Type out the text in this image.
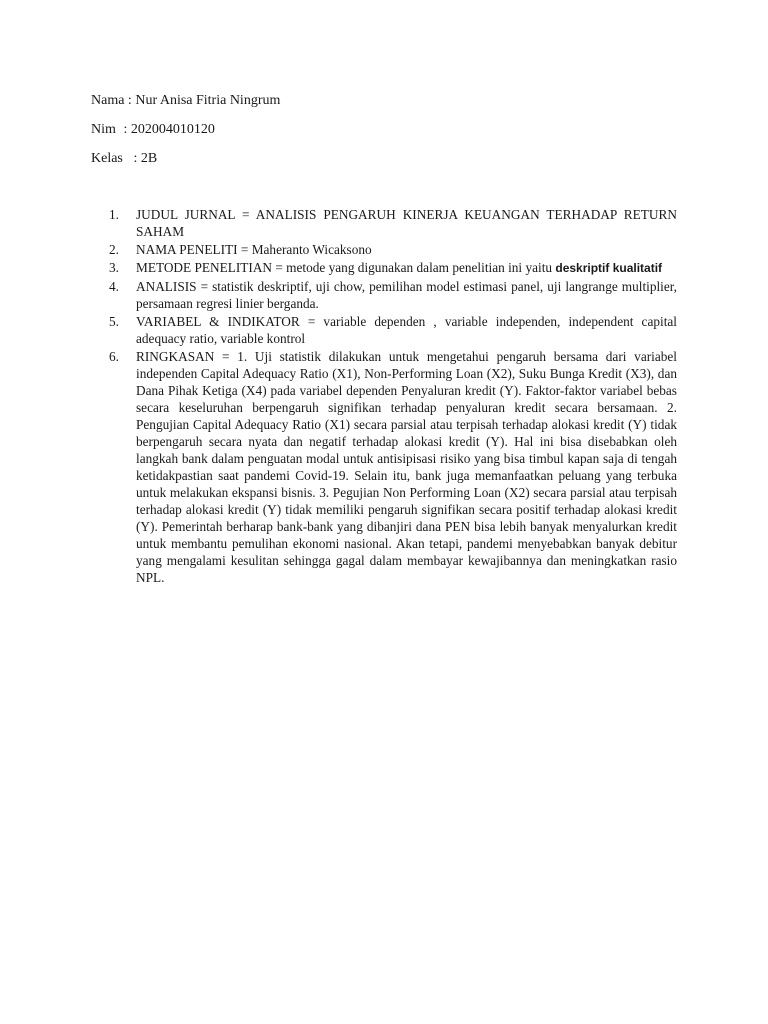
Nama : Nur Anisa Fitria Ningrum
Nim : 202004010120
Kelas : 2B
1.	JUDUL JURNAL = ANALISIS PENGARUH KINERJA KEUANGAN TERHADAP RETURN SAHAM
2.	NAMA PENELITI = Maheranto Wicaksono
3.	METODE PENELITIAN = metode yang digunakan dalam penelitian ini yaitu deskriptif kualitatif
4.	ANALISIS = statistik deskriptif, uji chow, pemilihan model estimasi panel, uji langrange multiplier, persamaan regresi linier berganda.
5.	VARIABEL & INDIKATOR = variable dependen , variable independen, independent capital adequacy ratio, variable kontrol
6.	RINGKASAN = 1. Uji statistik dilakukan untuk mengetahui pengaruh bersama dari variabel independen Capital Adequacy Ratio (X1), Non-Performing Loan (X2), Suku Bunga Kredit (X3), dan Dana Pihak Ketiga (X4) pada variabel dependen Penyaluran kredit (Y). Faktor-faktor variabel bebas secara keseluruhan berpengaruh signifikan terhadap penyaluran kredit secara bersamaan. 2. Pengujian Capital Adequacy Ratio (X1) secara parsial atau terpisah terhadap alokasi kredit (Y) tidak berpengaruh secara nyata dan negatif terhadap alokasi kredit (Y). Hal ini bisa disebabkan oleh langkah bank dalam penguatan modal untuk antisipisasi risiko yang bisa timbul kapan saja di tengah ketidakpastian saat pandemi Covid-19. Selain itu, bank juga memanfaatkan peluang yang terbuka untuk melakukan ekspansi bisnis. 3. Pegujian Non Performing Loan (X2) secara parsial atau terpisah terhadap alokasi kredit (Y) tidak memiliki pengaruh signifikan secara positif terhadap alokasi kredit (Y). Pemerintah berharap bank-bank yang dibanjiri dana PEN bisa lebih banyak menyalurkan kredit untuk membantu pemulihan ekonomi nasional. Akan tetapi, pandemi menyebabkan banyak debitur yang mengalami kesulitan sehingga gagal dalam membayar kewajibannya dan meningkatkan rasio NPL.
